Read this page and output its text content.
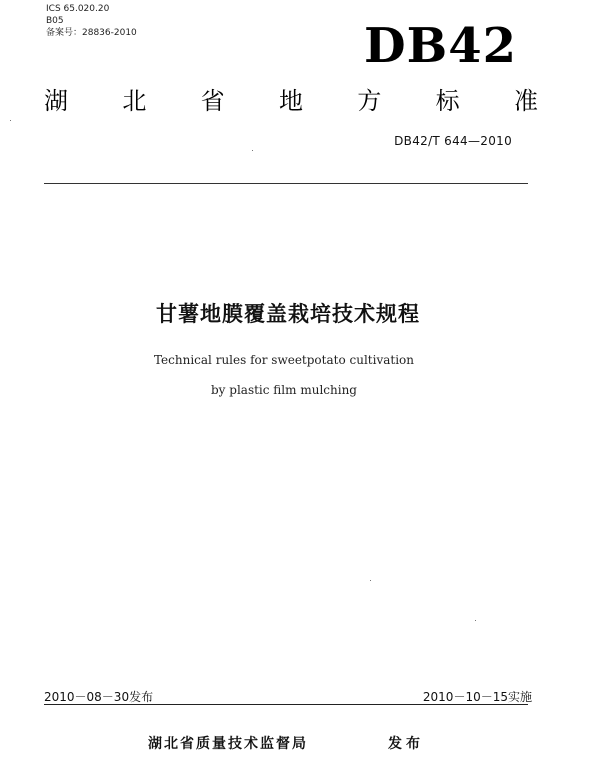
ICS 65.020.20
B05
备案号：28836-2010	DB42
湖 北 省 地 方 标 准
DB42/T 644—2010
甘薯地膜覆盖栽培技术规程
Technical rules for sweetpotato cultivation
by plastic film mulching
2010－08－30发布	2010－10－15实施
湖北省质量技术监督局	发布
